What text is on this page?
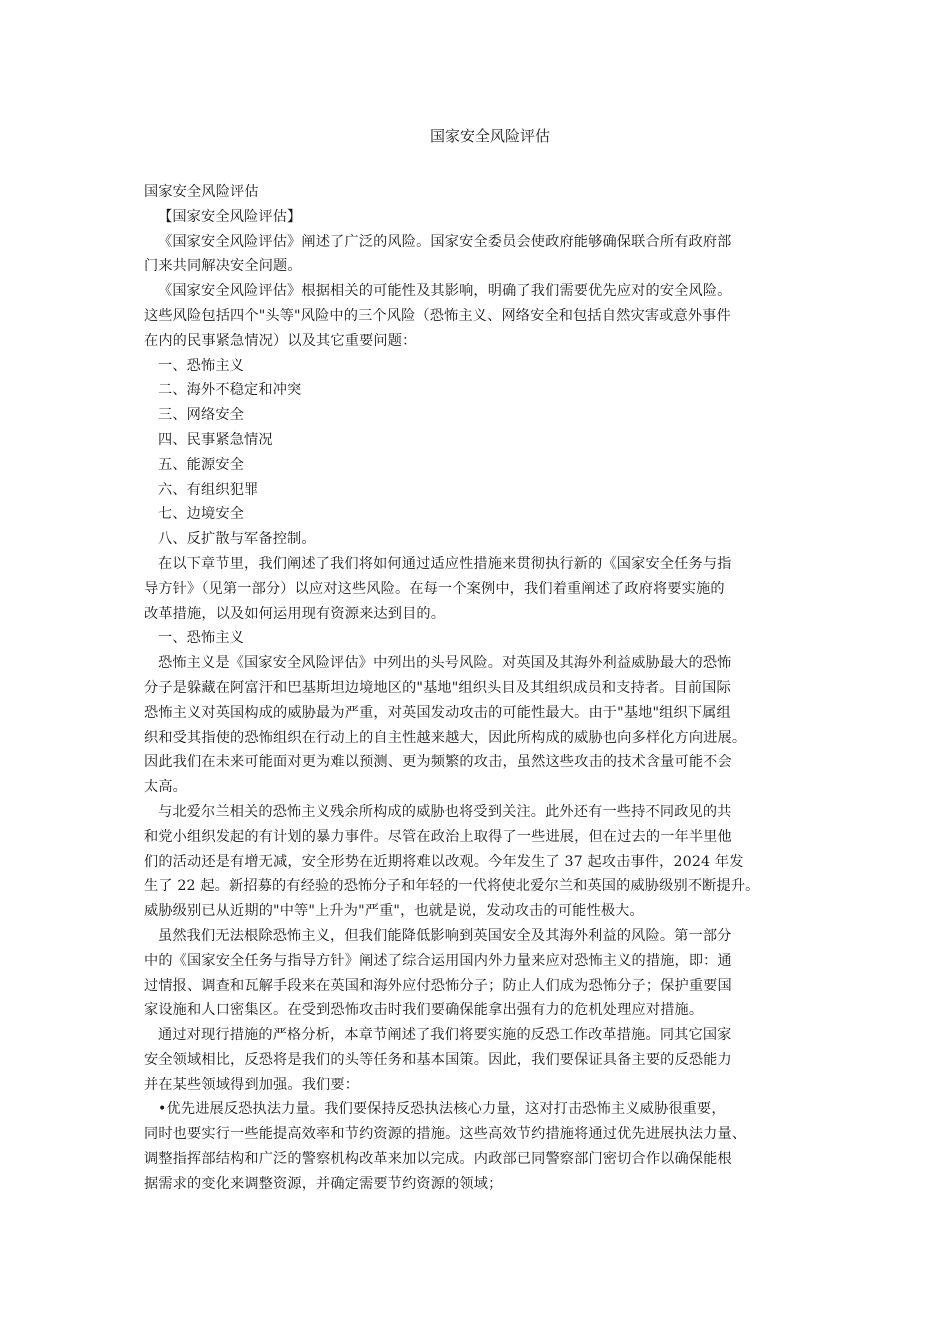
国家安全风险评估
国家安全风险评估
【国家安全风险评估】
《国家安全风险评估》阐述了广泛的风险。国家安全委员会使政府能够确保联合所有政府部
门来共同解决安全问题。
《国家安全风险评估》根据相关的可能性及其影响，明确了我们需要优先应对的安全风险。
这些风险包括四个"头等"风险中的三个风险（恐怖主义、网络安全和包括自然灾害或意外事件
在内的民事紧急情况）以及其它重要问题：
一、恐怖主义
二、海外不稳定和冲突
三、网络安全
四、民事紧急情况
五、能源安全
六、有组织犯罪
七、边境安全
八、反扩散与军备控制。
在以下章节里，我们阐述了我们将如何通过适应性措施来贯彻执行新的《国家安全任务与指
导方针》（见第一部分）以应对这些风险。在每一个案例中，我们着重阐述了政府将要实施的
改革措施，以及如何运用现有资源来达到目的。
一、恐怖主义
恐怖主义是《国家安全风险评估》中列出的头号风险。对英国及其海外利益威胁最大的恐怖
分子是躲藏在阿富汗和巴基斯坦边境地区的"基地"组织头目及其组织成员和支持者。目前国际
恐怖主义对英国构成的威胁最为严重，对英国发动攻击的可能性最大。由于"基地"组织下属组
织和受其指使的恐怖组织在行动上的自主性越来越大，因此所构成的威胁也向多样化方向进展。
因此我们在未来可能面对更为难以预测、更为频繁的攻击，虽然这些攻击的技术含量可能不会
太高。
与北爱尔兰相关的恐怖主义残余所构成的威胁也将受到关注。此外还有一些持不同政见的共
和党小组织发起的有计划的暴力事件。尽管在政治上取得了一些进展，但在过去的一年半里他
们的活动还是有增无减，安全形势在近期将难以改观。今年发生了 37 起攻击事件，2024 年发
生了 22 起。新招募的有经验的恐怖分子和年轻的一代将使北爱尔兰和英国的威胁级别不断提升。
威胁级别已从近期的"中等"上升为"严重"，也就是说，发动攻击的可能性极大。
虽然我们无法根除恐怖主义，但我们能降低影响到英国安全及其海外利益的风险。第一部分
中的《国家安全任务与指导方针》阐述了综合运用国内外力量来应对恐怖主义的措施，即：通
过情报、调查和瓦解手段来在英国和海外应付恐怖分子；防止人们成为恐怖分子；保护重要国
家设施和人口密集区。在受到恐怖攻击时我们要确保能拿出强有力的危机处理应对措施。
通过对现行措施的严格分析，本章节阐述了我们将要实施的反恐工作改革措施。同其它国家
安全领域相比，反恐将是我们的头等任务和基本国策。因此，我们要保证具备主要的反恐能力
并在某些领域得到加强。我们要：
•优先进展反恐执法力量。我们要保持反恐执法核心力量，这对打击恐怖主义威胁很重要，
同时也要实行一些能提高效率和节约资源的措施。这些高效节约措施将通过优先进展执法力量、
调整指挥部结构和广泛的警察机构改革来加以完成。内政部已同警察部门密切合作以确保能根
据需求的变化来调整资源，并确定需要节约资源的领域；
